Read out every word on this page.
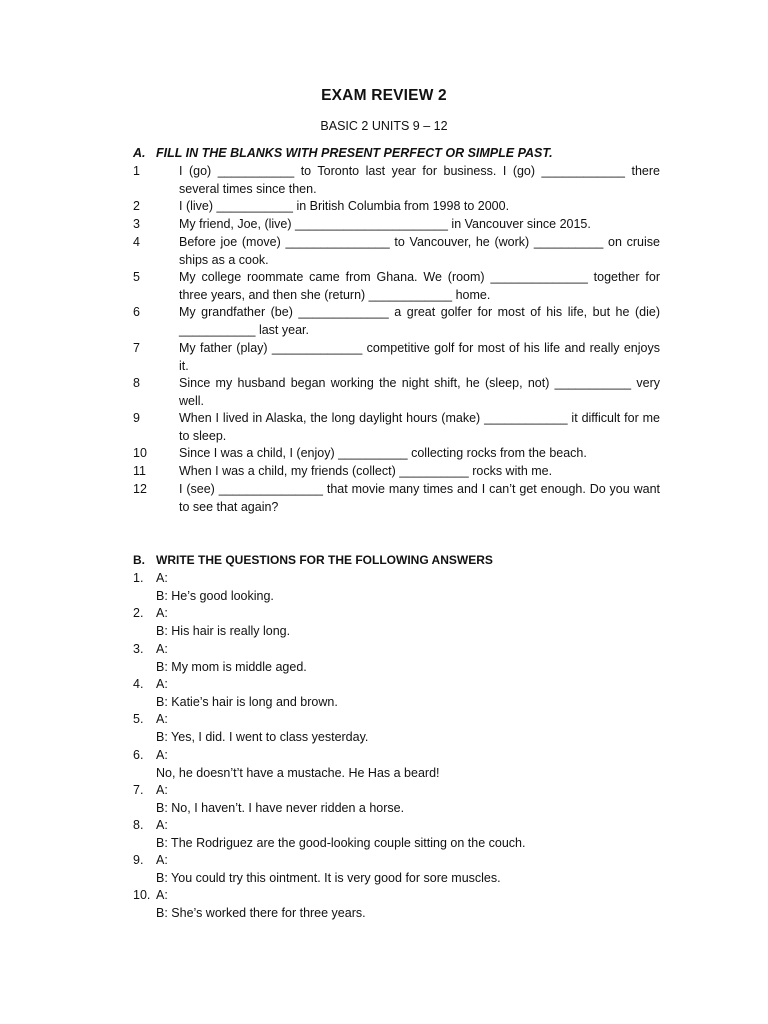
EXAM REVIEW 2
BASIC 2 UNITS 9 – 12
A. FILL IN THE BLANKS WITH PRESENT PERFECT OR SIMPLE PAST.
1	I (go) ___________ to Toronto last year for business. I (go) ____________ there several times since then.
2	I (live) ___________ in British Columbia from 1998 to 2000.
3	My friend, Joe, (live) ______________________ in Vancouver since 2015.
4	Before joe (move) _______________ to Vancouver, he (work) __________ on cruise ships as a cook.
5	My college roommate came from Ghana. We (room) ______________ together for three years, and then she (return) ____________ home.
6	My grandfather (be) _____________ a great golfer for most of his life, but he (die) ___________ last year.
7	My father (play) _____________ competitive golf for most of his life and really enjoys it.
8	Since my husband began working the night shift, he (sleep, not) ___________ very well.
9	When I lived in Alaska, the long daylight hours (make) ____________ it difficult for me to sleep.
10	Since I was a child, I (enjoy) __________ collecting rocks from the beach.
11	When I was a child, my friends (collect) __________ rocks with me.
12	I (see) _______________ that movie many times and I can’t get enough. Do you want to see that again?
B. WRITE THE QUESTIONS FOR THE FOLLOWING ANSWERS
1. A:
B: He’s good looking.
2. A:
B: His hair is really long.
3. A:
B: My mom is middle aged.
4. A:
B: Katie’s hair is long and brown.
5. A:
B: Yes, I did. I went to class yesterday.
6. A:
No, he doesn’t’t have a mustache. He Has a beard!
7. A:
B: No, I haven’t. I have never ridden a horse.
8. A:
B: The Rodriguez are the good-looking couple sitting on the couch.
9. A:
B: You could try this ointment. It is very good for sore muscles.
10. A:
B: She’s worked there for three years.
